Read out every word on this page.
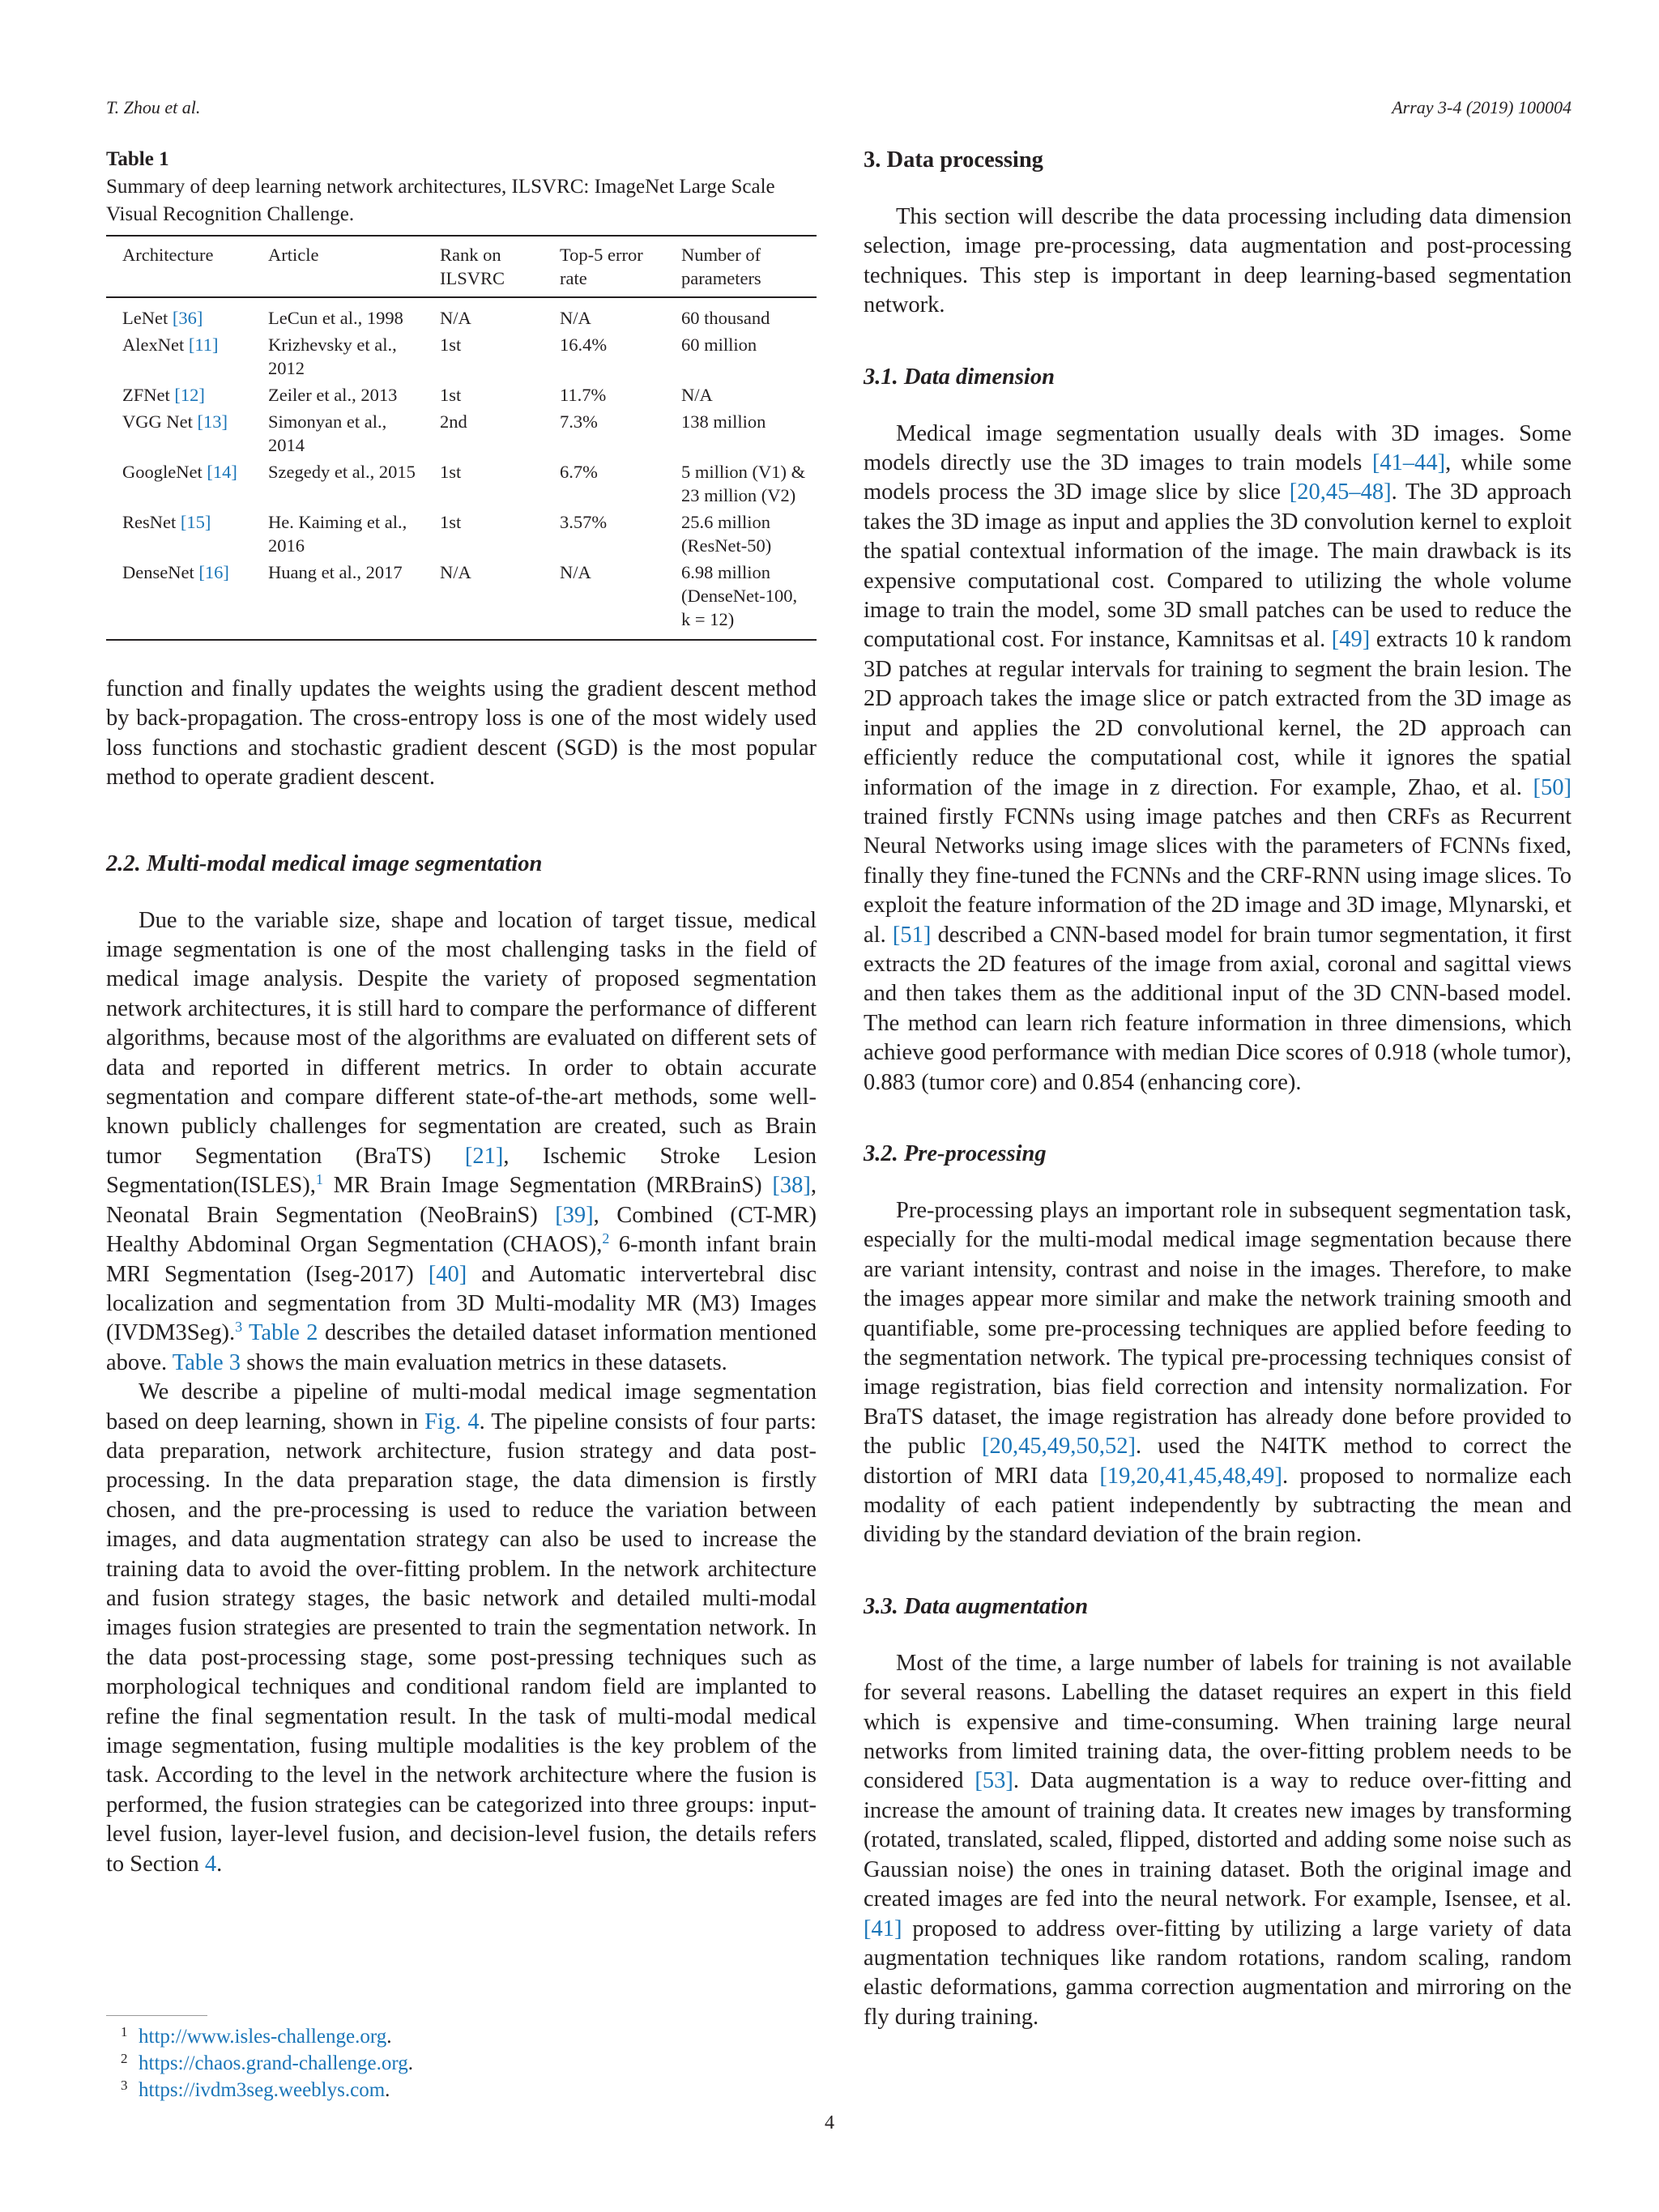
T. Zhou et al.	Array 3-4 (2019) 100004
Table 1
Summary of deep learning network architectures, ILSVRC: ImageNet Large Scale Visual Recognition Challenge.
Architecture	Article	Rank on ILSVRC	Top-5 error rate	Number of parameters
LeNet [36]	LeCun et al., 1998	N/A	N/A	60 thousand
AlexNet [11]	Krizhevsky et al., 2012	1st	16.4%	60 million
ZFNet [12]	Zeiler et al., 2013	1st	11.7%	N/A
VGG Net [13]	Simonyan et al., 2014	2nd	7.3%	138 million
GoogleNet [14]	Szegedy et al., 2015	1st	6.7%	5 million (V1) & 23 million (V2)
ResNet [15]	He. Kaiming et al., 2016	1st	3.57%	25.6 million (ResNet-50)
DenseNet [16]	Huang et al., 2017	N/A	N/A	6.98 million (DenseNet-100, k = 12)

function and finally updates the weights using the gradient descent method by back-propagation. The cross-entropy loss is one of the most widely used loss functions and stochastic gradient descent (SGD) is the most popular method to operate gradient descent.

2.2. Multi-modal medical image segmentation

Due to the variable size, shape and location of target tissue, medical image segmentation is one of the most challenging tasks in the field of medical image analysis. Despite the variety of proposed segmentation network architectures, it is still hard to compare the performance of different algorithms, because most of the algorithms are evaluated on different sets of data and reported in different metrics. In order to obtain accurate segmentation and compare different state-of-the-art methods, some well-known publicly challenges for segmentation are created, such as Brain tumor Segmentation (BraTS) [21], Ischemic Stroke Lesion Segmentation(ISLES),$^1$ MR Brain Image Segmentation (MRBrainS) [38], Neonatal Brain Segmentation (NeoBrainS) [39], Combined (CT-MR) Healthy Abdominal Organ Segmentation (CHAOS),$^2$ 6-month infant brain MRI Segmentation (Iseg-2017) [40] and Automatic intervertebral disc localization and segmentation from 3D Multi-modality MR (M3) Images (IVDM3Seg).$^3$ Table 2 describes the detailed dataset information mentioned above. Table 3 shows the main evaluation metrics in these datasets.

We describe a pipeline of multi-modal medical image segmentation based on deep learning, shown in Fig. 4. The pipeline consists of four parts: data preparation, network architecture, fusion strategy and data post-processing. In the data preparation stage, the data dimension is firstly chosen, and the pre-processing is used to reduce the variation between images, and data augmentation strategy can also be used to increase the training data to avoid the over-fitting problem. In the network architecture and fusion strategy stages, the basic network and detailed multi-modal images fusion strategies are presented to train the segmentation network. In the data post-processing stage, some post-pressing techniques such as morphological techniques and conditional random field are implanted to refine the final segmentation result. In the task of multi-modal medical image segmentation, fusing multiple modalities is the key problem of the task. According to the level in the network architecture where the fusion is performed, the fusion strategies can be categorized into three groups: input-level fusion, layer-level fusion, and decision-level fusion, the details refers to Section 4.

1 http://www.isles-challenge.org.
2 https://chaos.grand-challenge.org.
3 https://ivdm3seg.weeblys.com.
3. Data processing

This section will describe the data processing including data dimension selection, image pre-processing, data augmentation and post-processing techniques. This step is important in deep learning-based segmentation network.

3.1. Data dimension

Medical image segmentation usually deals with 3D images. Some models directly use the 3D images to train models [41–44], while some models process the 3D image slice by slice [20,45–48]. The 3D approach takes the 3D image as input and applies the 3D convolution kernel to exploit the spatial contextual information of the image. The main drawback is its expensive computational cost. Compared to utilizing the whole volume image to train the model, some 3D small patches can be used to reduce the computational cost. For instance, Kamnitsas et al. [49] extracts 10 k random 3D patches at regular intervals for training to segment the brain lesion. The 2D approach takes the image slice or patch extracted from the 3D image as input and applies the 2D convolutional kernel, the 2D approach can efficiently reduce the computational cost, while it ignores the spatial information of the image in z direction. For example, Zhao, et al. [50] trained firstly FCNNs using image patches and then CRFs as Recurrent Neural Networks using image slices with the parameters of FCNNs fixed, finally they fine-tuned the FCNNs and the CRF-RNN using image slices. To exploit the feature information of the 2D image and 3D image, Mlynarski, et al. [51] described a CNN-based model for brain tumor segmentation, it first extracts the 2D features of the image from axial, coronal and sagittal views and then takes them as the additional input of the 3D CNN-based model. The method can learn rich feature information in three dimensions, which achieve good performance with median Dice scores of 0.918 (whole tumor), 0.883 (tumor core) and 0.854 (enhancing core).

3.2. Pre-processing

Pre-processing plays an important role in subsequent segmentation task, especially for the multi-modal medical image segmentation because there are variant intensity, contrast and noise in the images. Therefore, to make the images appear more similar and make the network training smooth and quantifiable, some pre-processing techniques are applied before feeding to the segmentation network. The typical pre-processing techniques consist of image registration, bias field correction and intensity normalization. For BraTS dataset, the image registration has already done before provided to the public [20,45,49,50,52]. used the N4ITK method to correct the distortion of MRI data [19,20,41,45,48,49]. proposed to normalize each modality of each patient independently by subtracting the mean and dividing by the standard deviation of the brain region.

3.3. Data augmentation

Most of the time, a large number of labels for training is not available for several reasons. Labelling the dataset requires an expert in this field which is expensive and time-consuming. When training large neural networks from limited training data, the over-fitting problem needs to be considered [53]. Data augmentation is a way to reduce over-fitting and increase the amount of training data. It creates new images by transforming (rotated, translated, scaled, flipped, distorted and adding some noise such as Gaussian noise) the ones in training dataset. Both the original image and created images are fed into the neural network. For example, Isensee, et al. [41] proposed to address over-fitting by utilizing a large variety of data augmentation techniques like random rotations, random scaling, random elastic deformations, gamma correction augmentation and mirroring on the fly during training.

4
